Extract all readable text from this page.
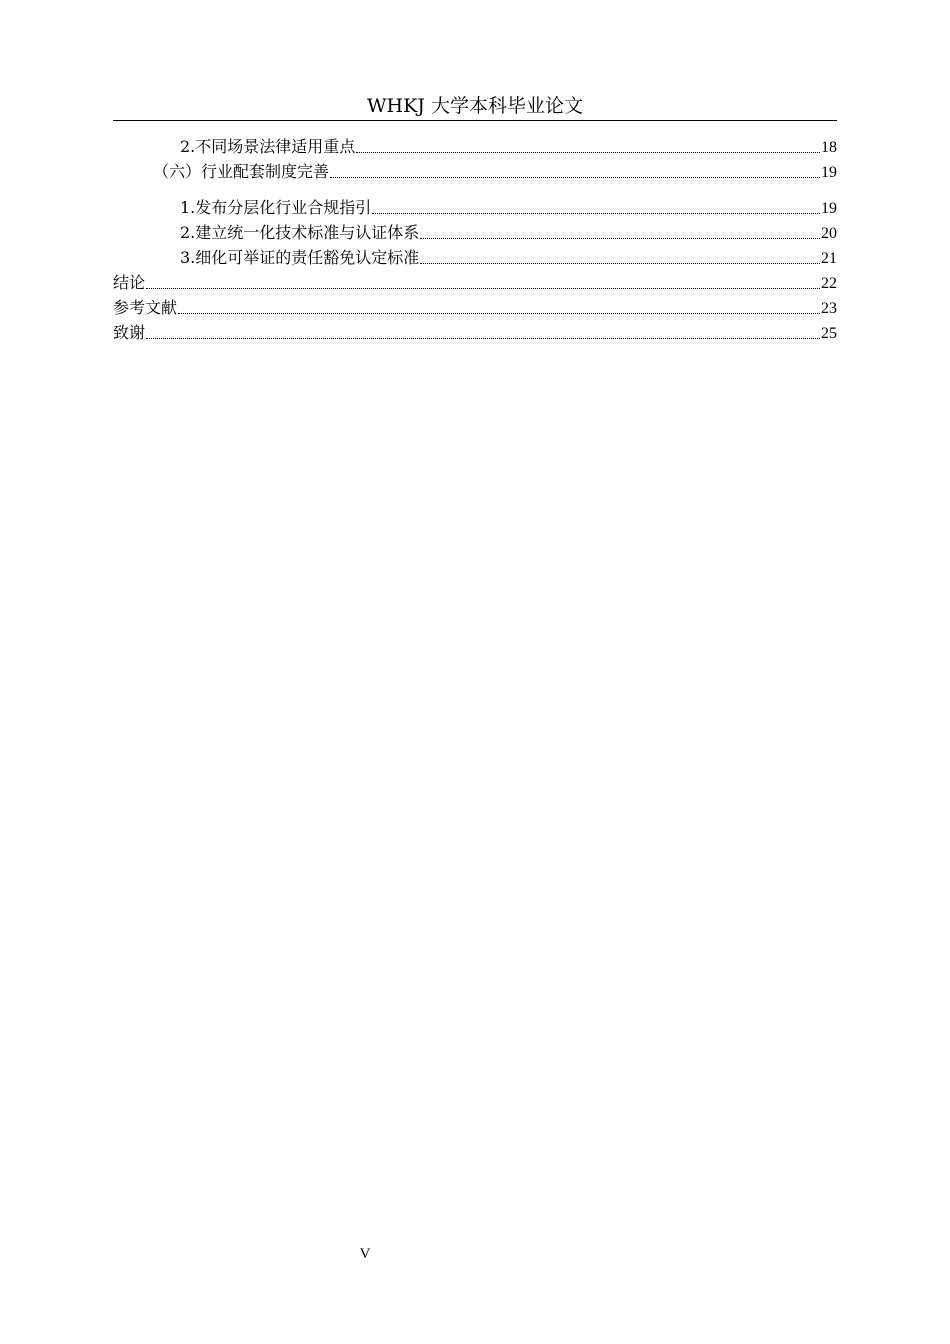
WHKJ 大学本科毕业论文
2.不同场景法律适用重点	18
（六）行业配套制度完善	19
1.发布分层化行业合规指引	19
2.建立统一化技术标准与认证体系	20
3.细化可举证的责任豁免认定标准	21
结论	22
参考文献	23
致谢	25
V
